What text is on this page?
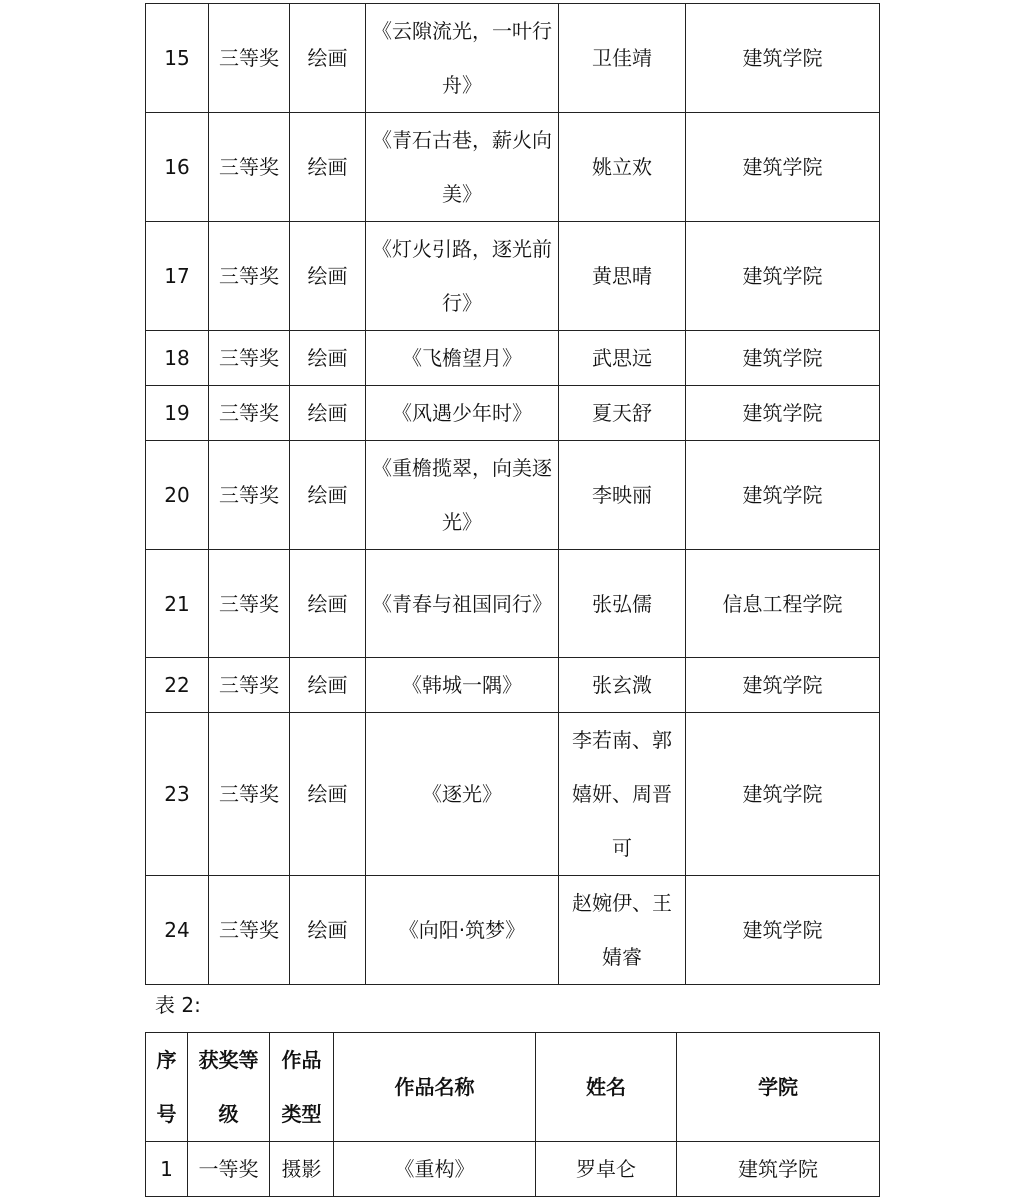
15	三等奖	绘画	《云隙流光，一叶行舟》	卫佳靖	建筑学院
16	三等奖	绘画	《青石古巷，薪火向美》	姚立欢	建筑学院
17	三等奖	绘画	《灯火引路，逐光前行》	黄思晴	建筑学院
18	三等奖	绘画	《飞檐望月》	武思远	建筑学院
19	三等奖	绘画	《风遇少年时》	夏天舒	建筑学院
20	三等奖	绘画	《重檐揽翠，向美逐光》	李映丽	建筑学院
21	三等奖	绘画	《青春与祖国同行》	张弘儒	信息工程学院
22	三等奖	绘画	《韩城一隅》	张玄溦	建筑学院
23	三等奖	绘画	《逐光》	李若南、郭嬉妍、周晋可	建筑学院
24	三等奖	绘画	《向阳·筑梦》	赵婉伊、王婧睿	建筑学院
表 2:
序号	获奖等级	作品类型	作品名称	姓名	学院
1	一等奖	摄影	《重构》	罗卓仑	建筑学院
